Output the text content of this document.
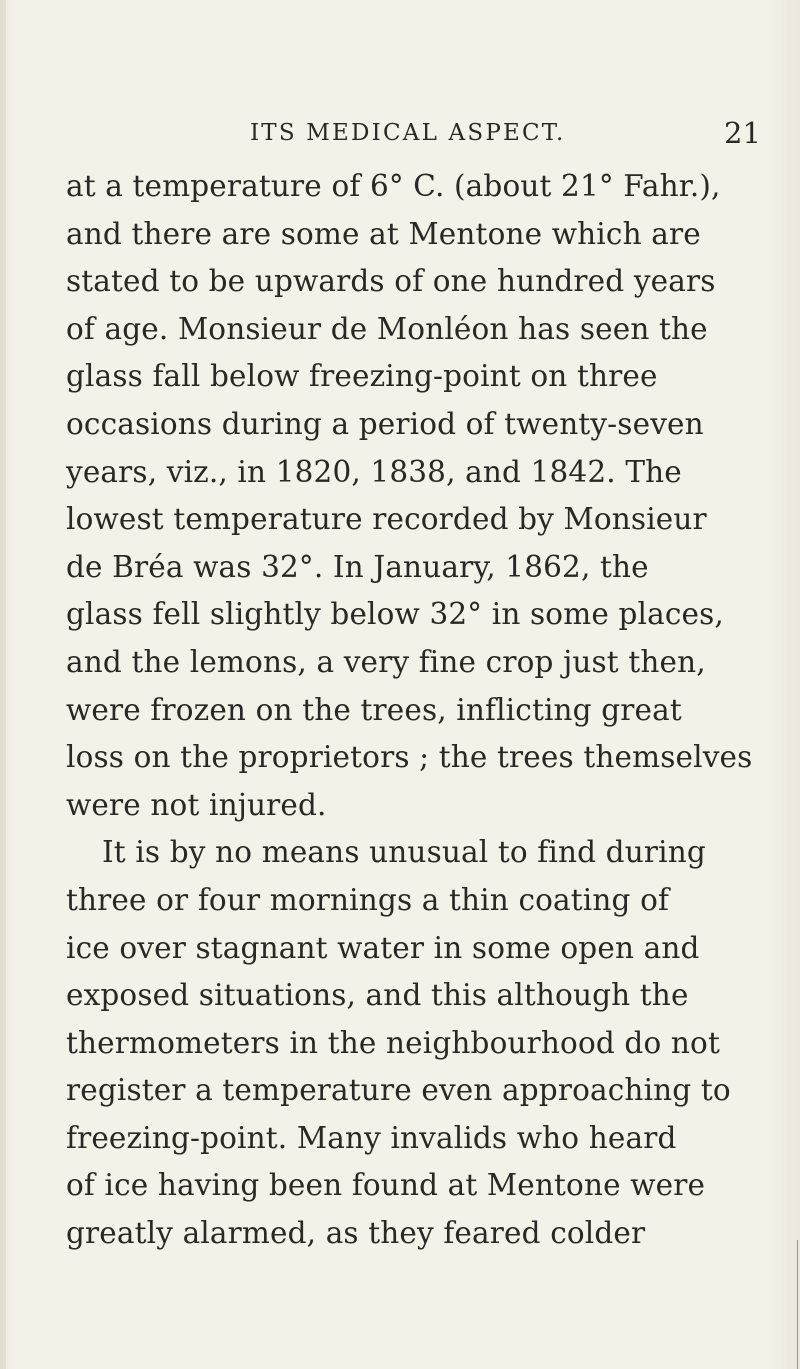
ITS MEDICAL ASPECT.	21
at a temperature of 6° C. (about 21° Fahr.),
and there are some at Mentone which are
stated to be upwards of one hundred years
of age. Monsieur de Monléon has seen the
glass fall below freezing-point on three
occasions during a period of twenty-seven
years, viz., in 1820, 1838, and 1842. The
lowest temperature recorded by Monsieur
de Bréa was 32°. In January, 1862, the
glass fell slightly below 32° in some places,
and the lemons, a very fine crop just then,
were frozen on the trees, inflicting great
loss on the proprietors ; the trees themselves
were not injured.
It is by no means unusual to find during
three or four mornings a thin coating of
ice over stagnant water in some open and
exposed situations, and this although the
thermometers in the neighbourhood do not
register a temperature even approaching to
freezing-point. Many invalids who heard
of ice having been found at Mentone were
greatly alarmed, as they feared colder
